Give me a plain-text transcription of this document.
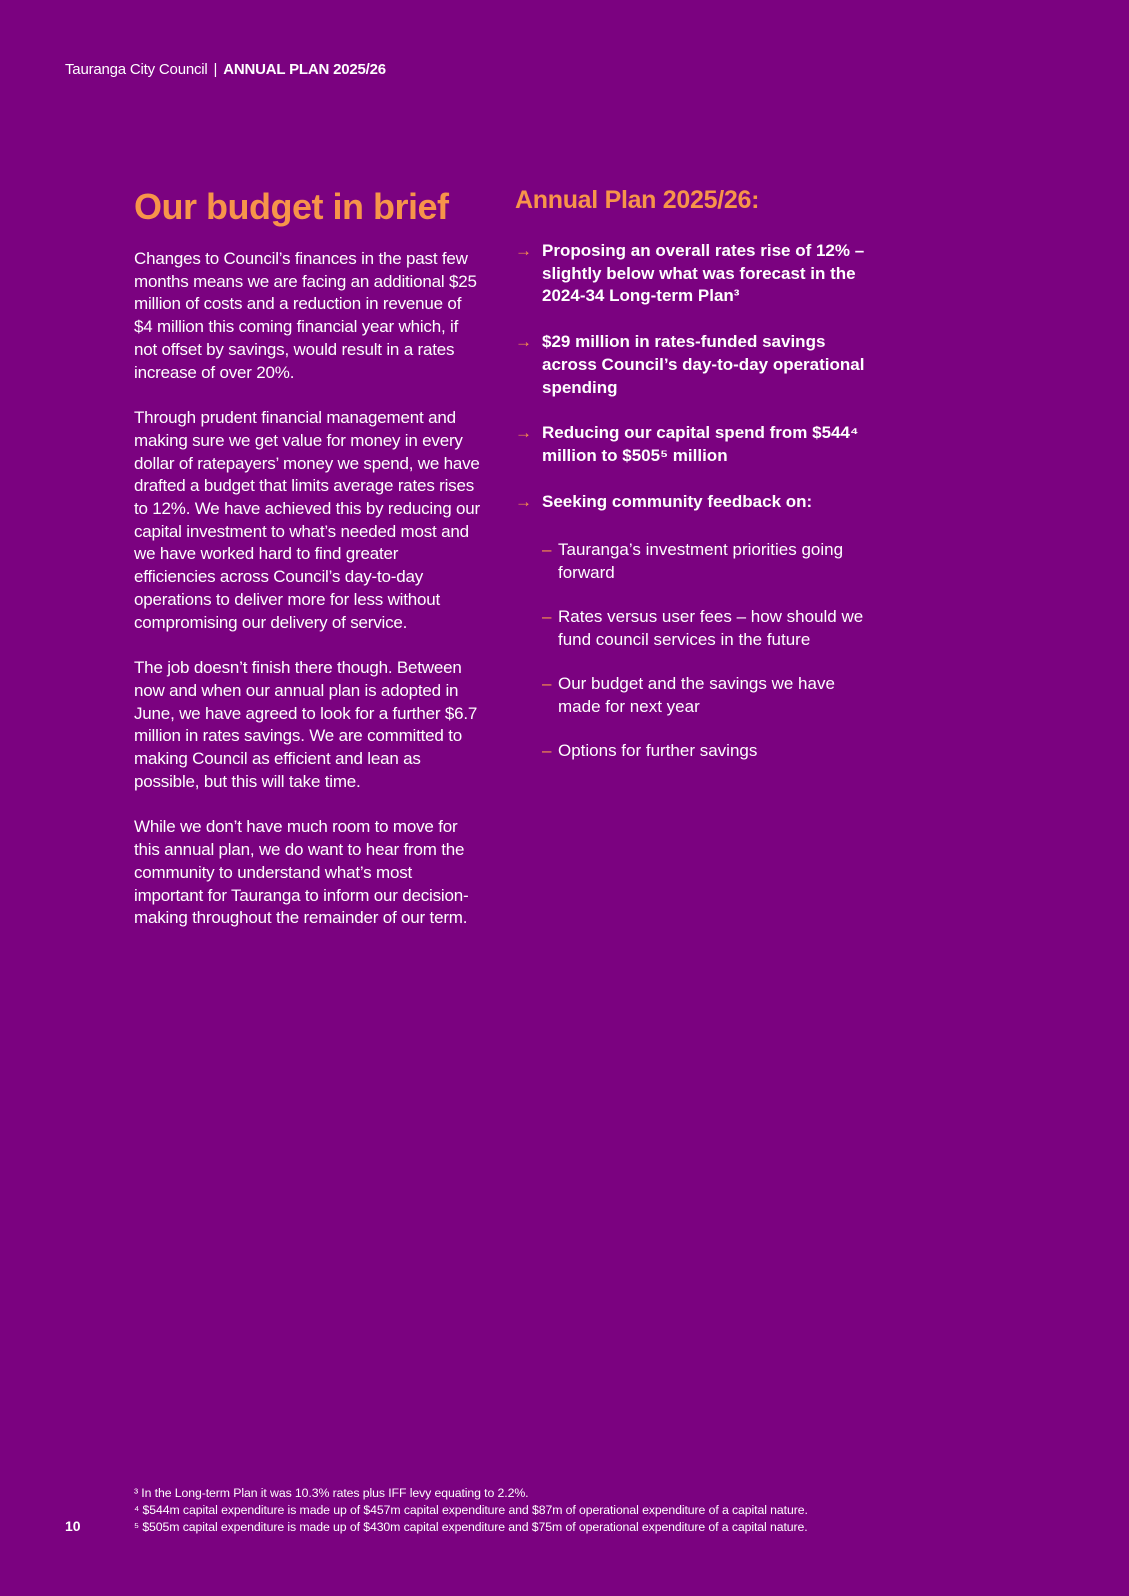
Tauranga City Council | ANNUAL PLAN 2025/26
Our budget in brief

Changes to Council’s finances in the past few months means we are facing an additional $25 million of costs and a reduction in revenue of $4 million this coming financial year which, if not offset by savings, would result in a rates increase of over 20%.

Through prudent financial management and making sure we get value for money in every dollar of ratepayers’ money we spend, we have drafted a budget that limits average rates rises to 12%. We have achieved this by reducing our capital investment to what’s needed most and we have worked hard to find greater efficiencies across Council’s day-to-day operations to deliver more for less without compromising our delivery of service.

The job doesn’t finish there though. Between now and when our annual plan is adopted in June, we have agreed to look for a further $6.7 million in rates savings. We are committed to making Council as efficient and lean as possible, but this will take time.

While we don’t have much room to move for this annual plan, we do want to hear from the community to understand what’s most important for Tauranga to inform our decision-making throughout the remainder of our term.

Annual Plan 2025/26:
→ Proposing an overall rates rise of 12% – slightly below what was forecast in the 2024-34 Long-term Plan³
→ $29 million in rates-funded savings across Council’s day-to-day operational spending
→ Reducing our capital spend from $544⁴ million to $505⁵ million
→ Seeking community feedback on:
– Tauranga’s investment priorities going forward
– Rates versus user fees – how should we fund council services in the future
– Our budget and the savings we have made for next year
– Options for further savings
³ In the Long-term Plan it was 10.3% rates plus IFF levy equating to 2.2%.
⁴ $544m capital expenditure is made up of $457m capital expenditure and $87m of operational expenditure of a capital nature.
⁵ $505m capital expenditure is made up of $430m capital expenditure and $75m of operational expenditure of a capital nature.
10
